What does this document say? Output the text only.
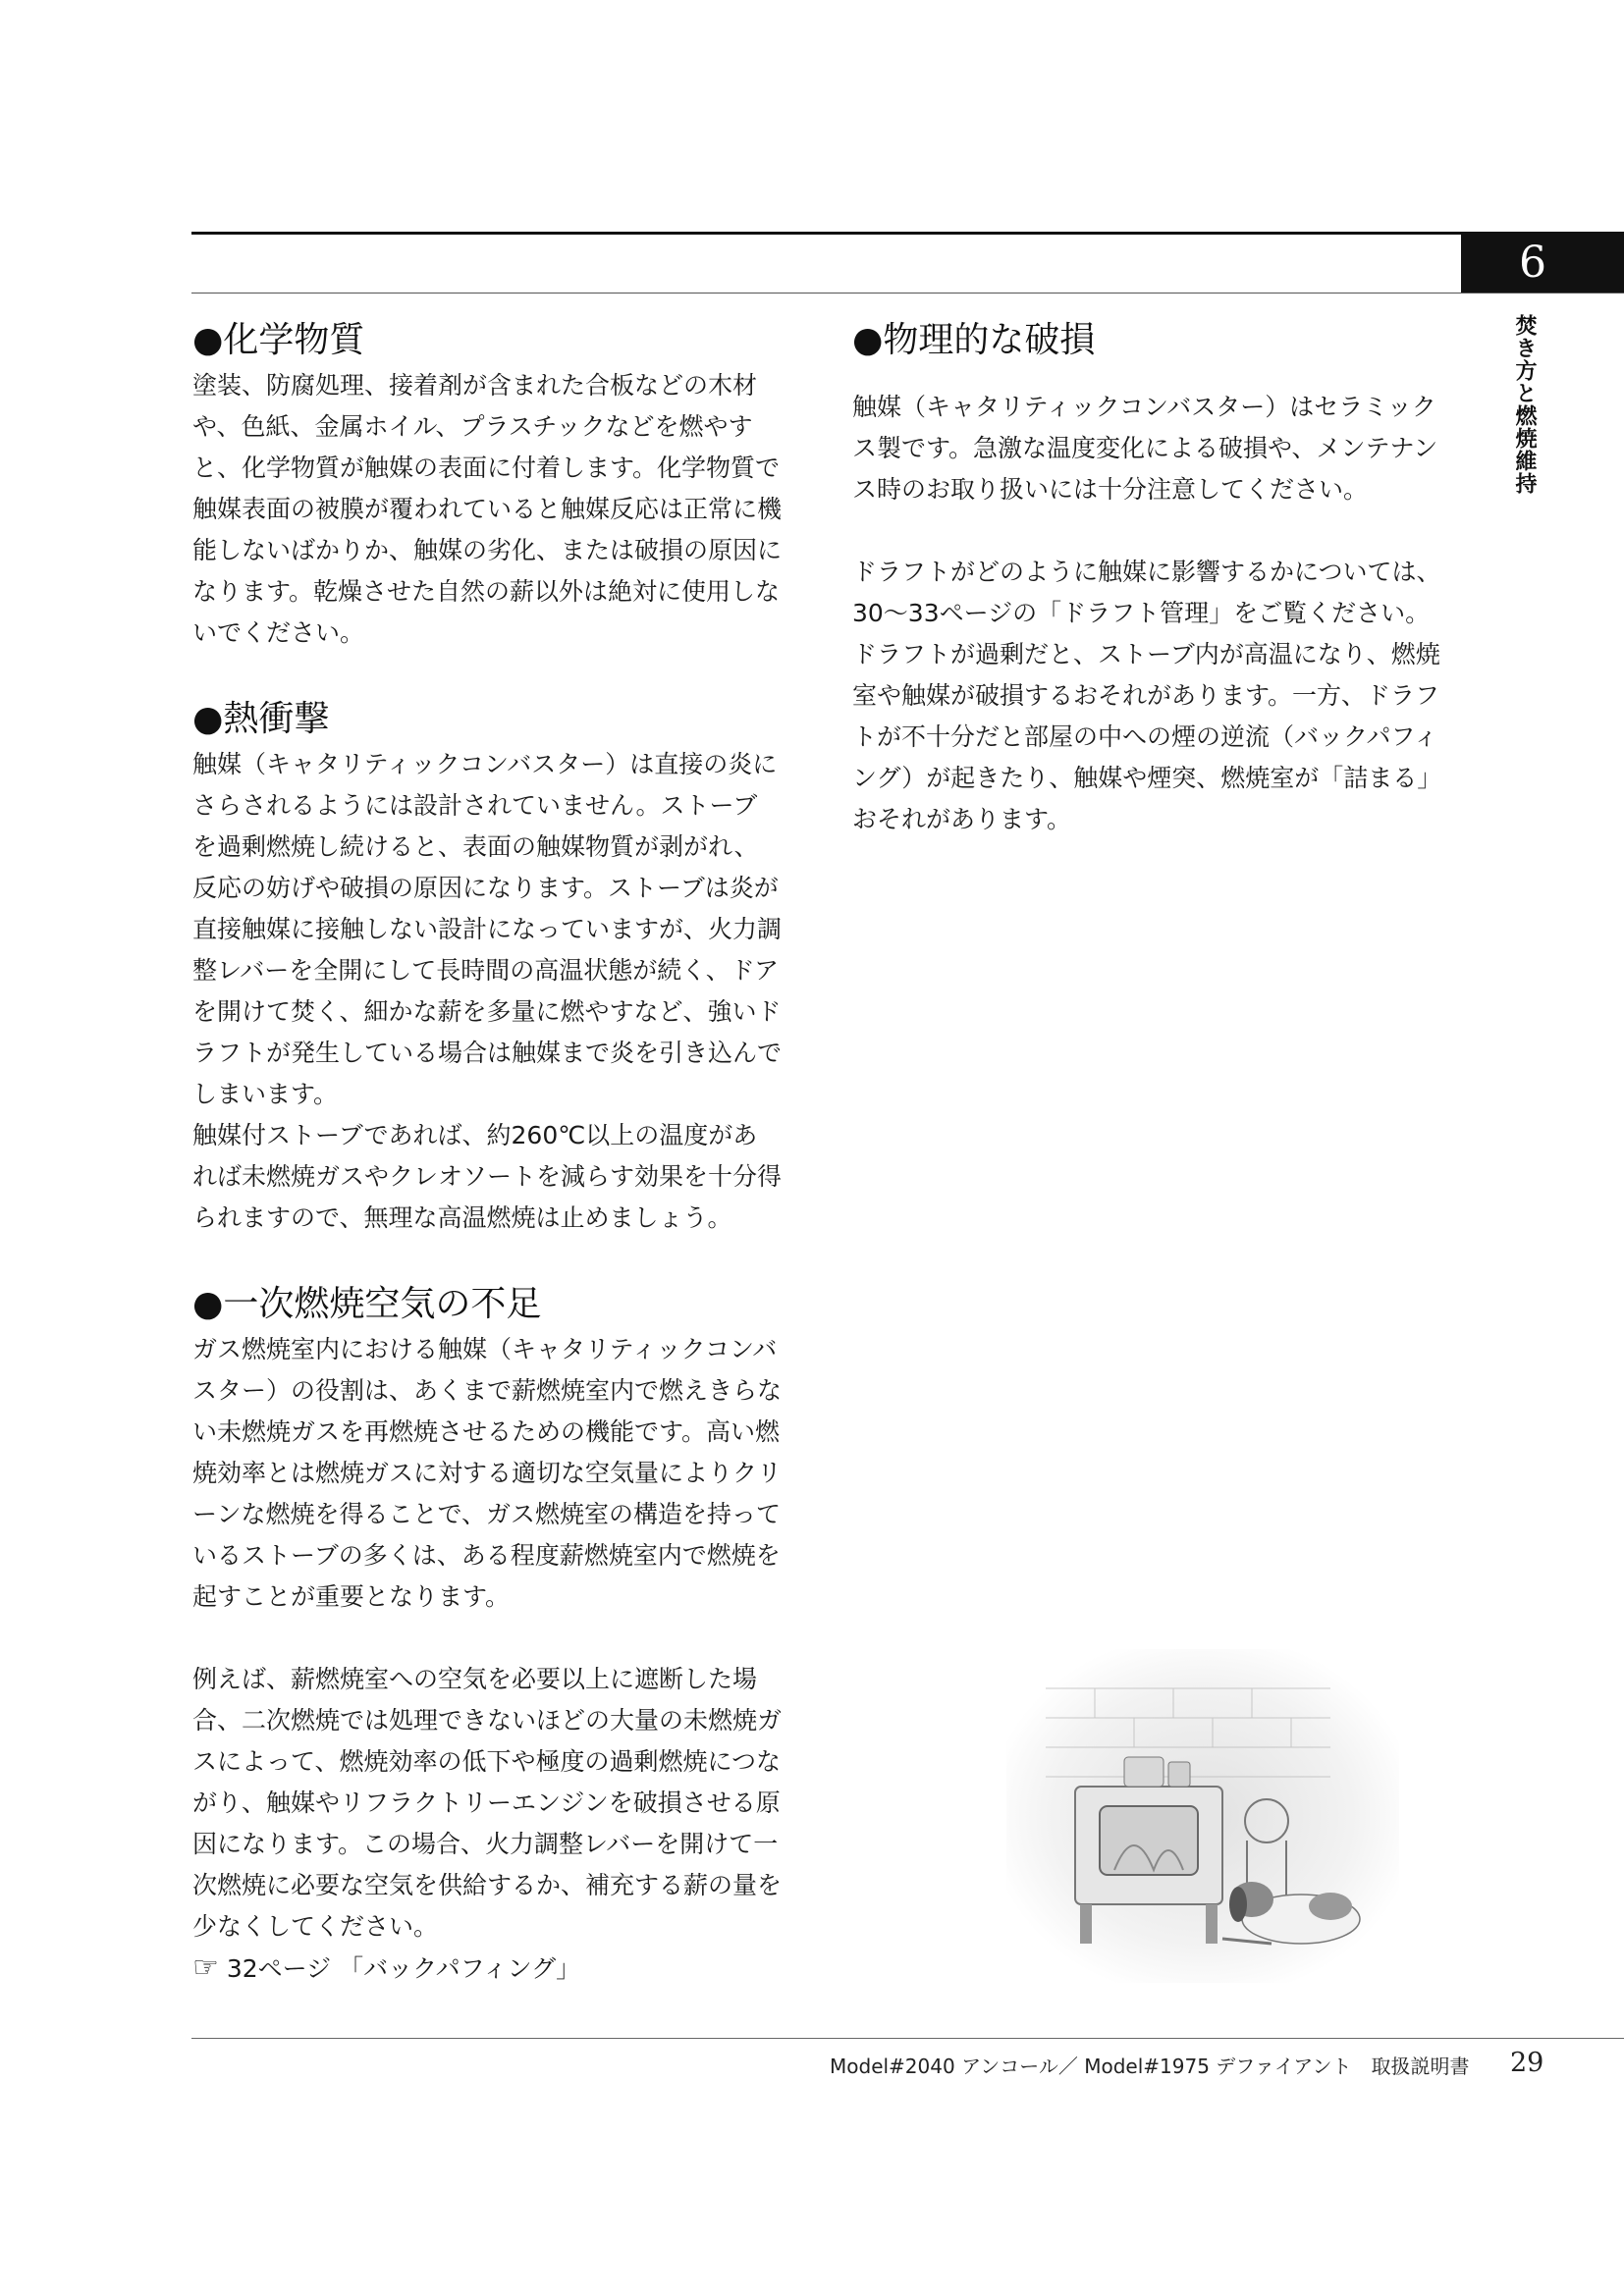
6
焚き方と燃焼維持
●化学物質

塗装、防腐処理、接着剤が含まれた合板などの木材や、色紙、金属ホイル、プラスチックなどを燃やすと、化学物質が触媒の表面に付着します。化学物質で触媒表面の被膜が覆われていると触媒反応は正常に機能しないばかりか、触媒の劣化、または破損の原因になります。乾燥させた自然の薪以外は絶対に使用しないでください。

●熱衝撃

触媒（キャタリティックコンバスター）は直接の炎にさらされるようには設計されていません。ストーブを過剰燃焼し続けると、表面の触媒物質が剥がれ、反応の妨げや破損の原因になります。ストーブは炎が直接触媒に接触しない設計になっていますが、火力調整レバーを全開にして長時間の高温状態が続く、ドアを開けて焚く、細かな薪を多量に燃やすなど、強いドラフトが発生している場合は触媒まで炎を引き込んでしまいます。

触媒付ストーブであれば、約260℃以上の温度があれば未燃焼ガスやクレオソートを減らす効果を十分得られますので、無理な高温燃焼は止めましょう。

●一次燃焼空気の不足

ガス燃焼室内における触媒（キャタリティックコンバスター）の役割は、あくまで薪燃焼室内で燃えきらない未燃焼ガスを再燃焼させるための機能です。高い燃焼効率とは燃焼ガスに対する適切な空気量によりクリーンな燃焼を得ることで、ガス燃焼室の構造を持っているストーブの多くは、ある程度薪燃焼室内で燃焼を起すことが重要となります。

例えば、薪燃焼室への空気を必要以上に遮断した場合、二次燃焼では処理できないほどの大量の未燃焼ガスによって、燃焼効率の低下や極度の過剰燃焼につながり、触媒やリフラクトリーエンジンを破損させる原因になります。この場合、火力調整レバーを開けて一次燃焼に必要な空気を供給するか、補充する薪の量を少なくしてください。

☞ 32ページ 「バックパフィング」
●物理的な破損

触媒（キャタリティックコンバスター）はセラミックス製です。急激な温度変化による破損や、メンテナンス時のお取り扱いには十分注意してください。

ドラフトがどのように触媒に影響するかについては、30～33ページの「ドラフト管理」をご覧ください。ドラフトが過剰だと、ストーブ内が高温になり、燃焼室や触媒が破損するおそれがあります。一方、ドラフトが不十分だと部屋の中への煙の逆流（バックパフィング）が起きたり、触媒や煙突、燃焼室が「詰まる」おそれがあります。

Model#2040 アンコール／ Model#1975 デファイアント　取扱説明書 29
